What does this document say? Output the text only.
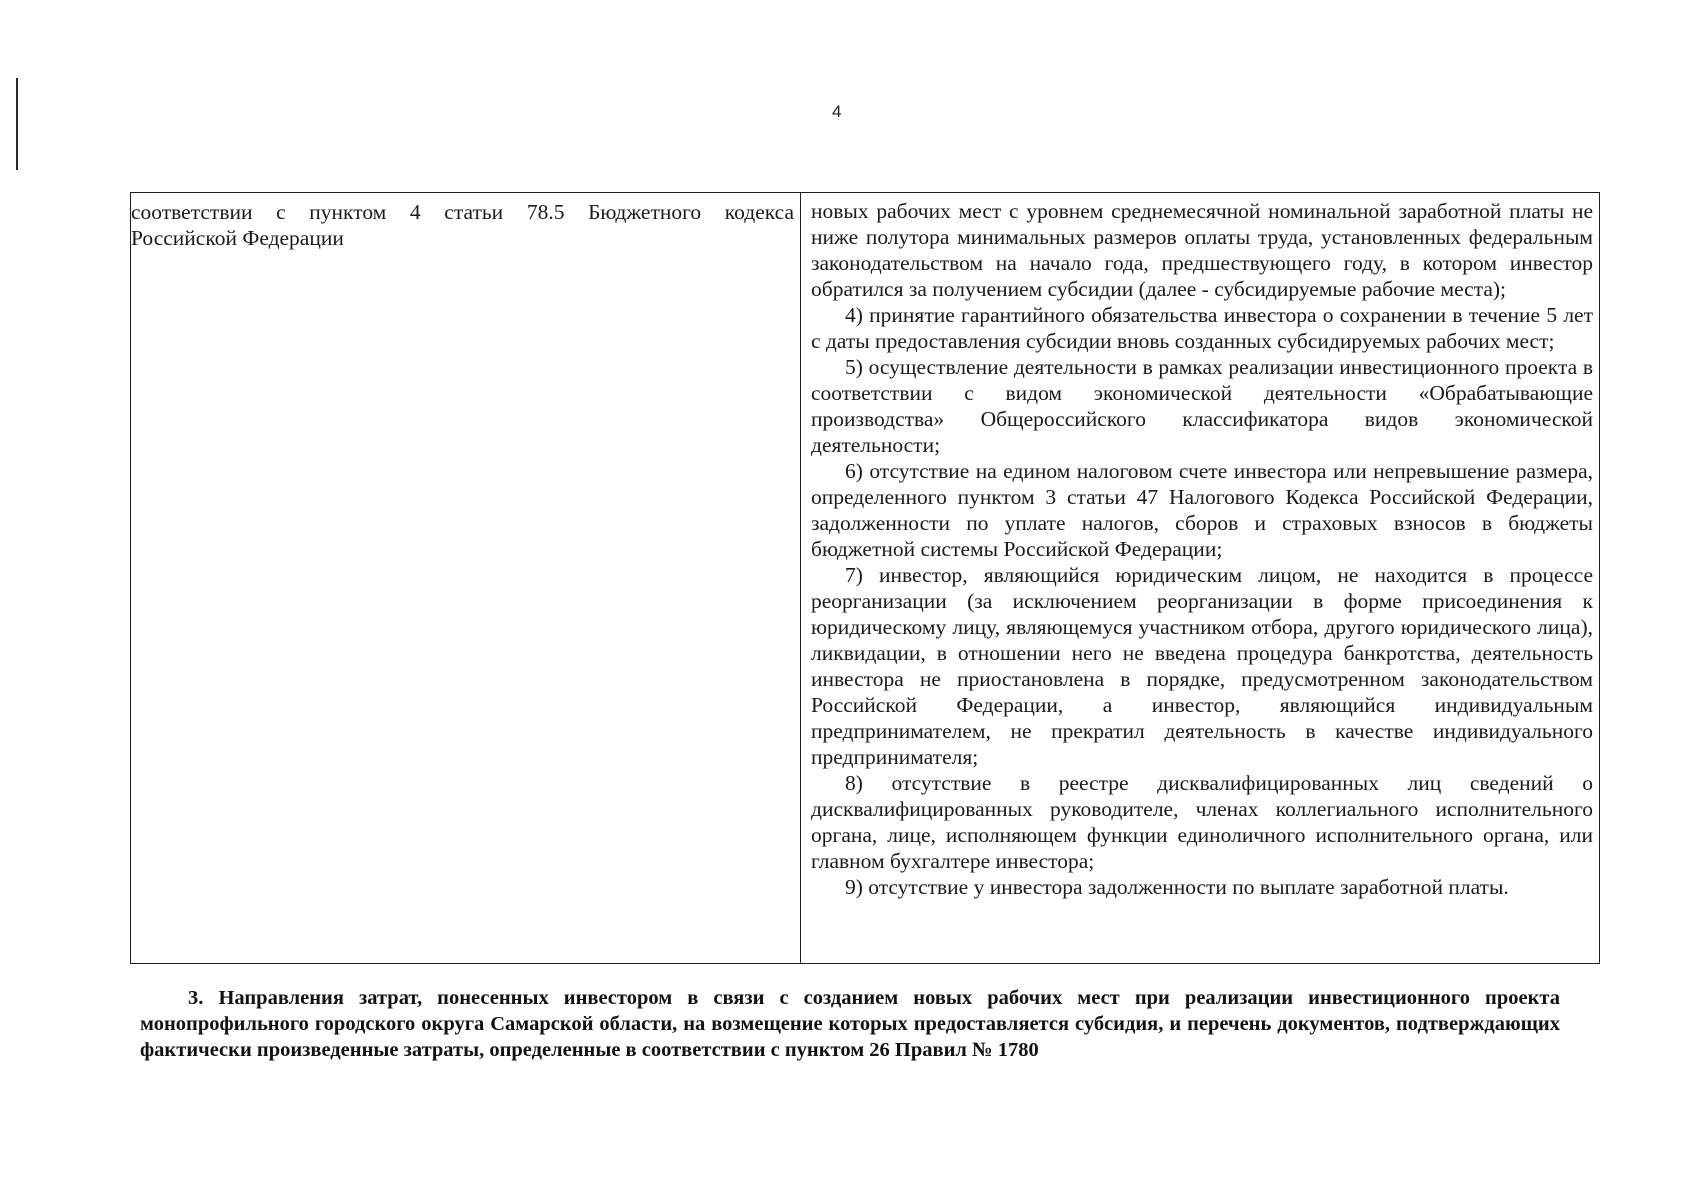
4

соответствии с пунктом 4 статьи 78.5 Бюджетного кодекса
Российской Федерации

новых рабочих мест с уровнем среднемесячной номинальной заработной платы не ниже полутора минимальных размеров оплаты труда, установленных федеральным законодательством на начало года, предшествующего году, в котором инвестор обратился за получением субсидии (далее - субсидируемые рабочие места);

4) принятие гарантийного обязательства инвестора о сохранении в течение 5 лет с даты предоставления субсидии вновь созданных субсидируемых рабочих мест;

5) осуществление деятельности в рамках реализации инвестиционного проекта в соответствии с видом экономической деятельности «Обрабатывающие производства» Общероссийского классификатора видов экономической деятельности;

6) отсутствие на едином налоговом счете инвестора или непревышение размера, определенного пунктом 3 статьи 47 Налогового Кодекса Российской Федерации, задолженности по уплате налогов, сборов и страховых взносов в бюджеты бюджетной системы Российской Федерации;

7) инвестор, являющийся юридическим лицом, не находится в процессе реорганизации (за исключением реорганизации в форме присоединения к юридическому лицу, являющемуся участником отбора, другого юридического лица), ликвидации, в отношении него не введена процедура банкротства, деятельность инвестора не приостановлена в порядке, предусмотренном законодательством Российской Федерации, а инвестор, являющийся индивидуальным предпринимателем, не прекратил деятельность в качестве индивидуального предпринимателя;

8) отсутствие в реестре дисквалифицированных лиц сведений о дисквалифицированных руководителе, членах коллегиального исполнительного органа, лице, исполняющем функции единоличного исполнительного органа, или главном бухгалтере инвестора;

9) отсутствие у инвестора задолженности по выплате заработной платы.

3. Направления затрат, понесенных инвестором в связи с созданием новых рабочих мест при реализации инвестиционного проекта монопрофильного городского округа Самарской области, на возмещение которых предоставляется субсидия, и перечень документов, подтверждающих фактически произведенные затраты, определенные в соответствии с пунктом 26 Правил № 1780
